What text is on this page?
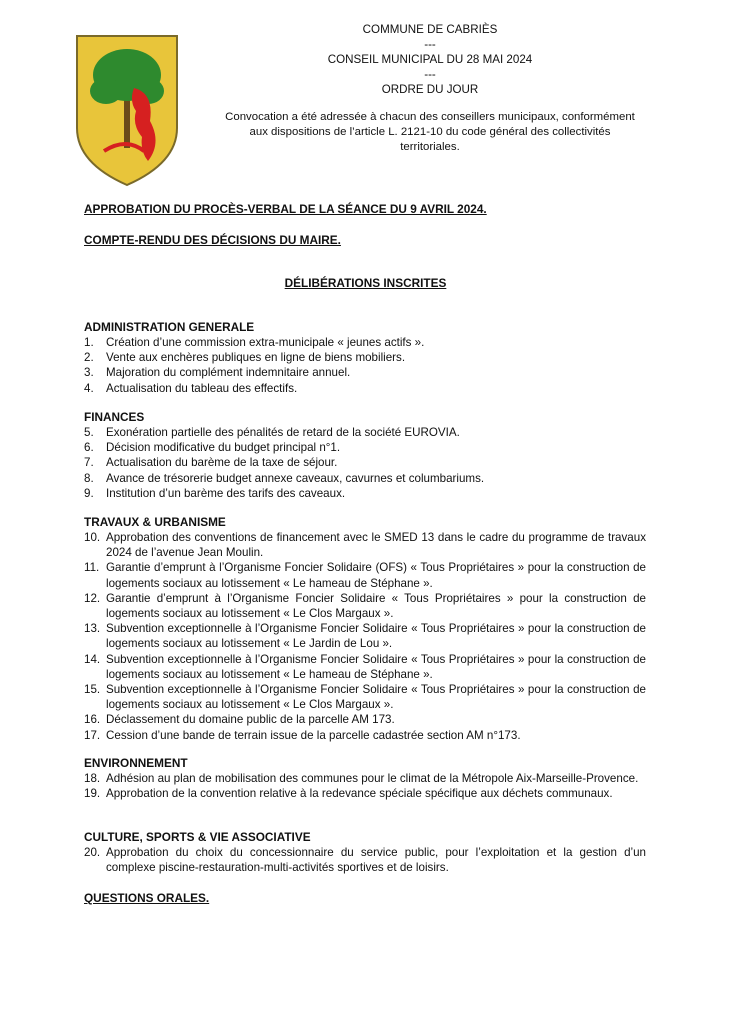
COMMUNE DE CABRIÈS
---
CONSEIL MUNICIPAL DU 28 MAI 2024
---
ORDRE DU JOUR
Convocation a été adressée à chacun des conseillers municipaux, conformément aux dispositions de l’article L. 2121-10 du code général des collectivités territoriales.
APPROBATION DU PROCÈS-VERBAL DE LA SÉANCE DU 9 AVRIL 2024.
COMPTE-RENDU DES DÉCISIONS DU MAIRE.
DÉLIBÉRATIONS INSCRITES
ADMINISTRATION GENERALE
1. Création d’une commission extra-municipale « jeunes actifs ».
2. Vente aux enchères publiques en ligne de biens mobiliers.
3. Majoration du complément indemnitaire annuel.
4. Actualisation du tableau des effectifs.
FINANCES
5. Exonération partielle des pénalités de retard de la société EUROVIA.
6. Décision modificative du budget principal n°1.
7. Actualisation du barème de la taxe de séjour.
8. Avance de trésorerie budget annexe caveaux, cavurnes et columbariums.
9. Institution d’un barème des tarifs des caveaux.
TRAVAUX & URBANISME
10. Approbation des conventions de financement avec le SMED 13 dans le cadre du programme de travaux 2024 de l’avenue Jean Moulin.
11. Garantie d’emprunt à l’Organisme Foncier Solidaire (OFS) « Tous Propriétaires » pour la construction de logements sociaux au lotissement « Le hameau de Stéphane ».
12. Garantie d’emprunt à l’Organisme Foncier Solidaire « Tous Propriétaires » pour la construction de logements sociaux au lotissement « Le Clos Margaux ».
13. Subvention exceptionnelle à l’Organisme Foncier Solidaire « Tous Propriétaires » pour la construction de logements sociaux au lotissement « Le Jardin de Lou ».
14. Subvention exceptionnelle à l’Organisme Foncier Solidaire « Tous Propriétaires » pour la construction de logements sociaux au lotissement « Le hameau de Stéphane ».
15. Subvention exceptionnelle à l’Organisme Foncier Solidaire « Tous Propriétaires » pour la construction de logements sociaux au lotissement « Le Clos Margaux ».
16. Déclassement du domaine public de la parcelle AM 173.
17. Cession d’une bande de terrain issue de la parcelle cadastrée section AM n°173.
ENVIRONNEMENT
18. Adhésion au plan de mobilisation des communes pour le climat de la Métropole Aix-Marseille-Provence.
19. Approbation de la convention relative à la redevance spéciale spécifique aux déchets communaux.
CULTURE, SPORTS & VIE ASSOCIATIVE
20. Approbation du choix du concessionnaire du service public, pour l’exploitation et la gestion d’un complexe piscine-restauration-multi-activités sportives et de loisirs.
QUESTIONS ORALES.
